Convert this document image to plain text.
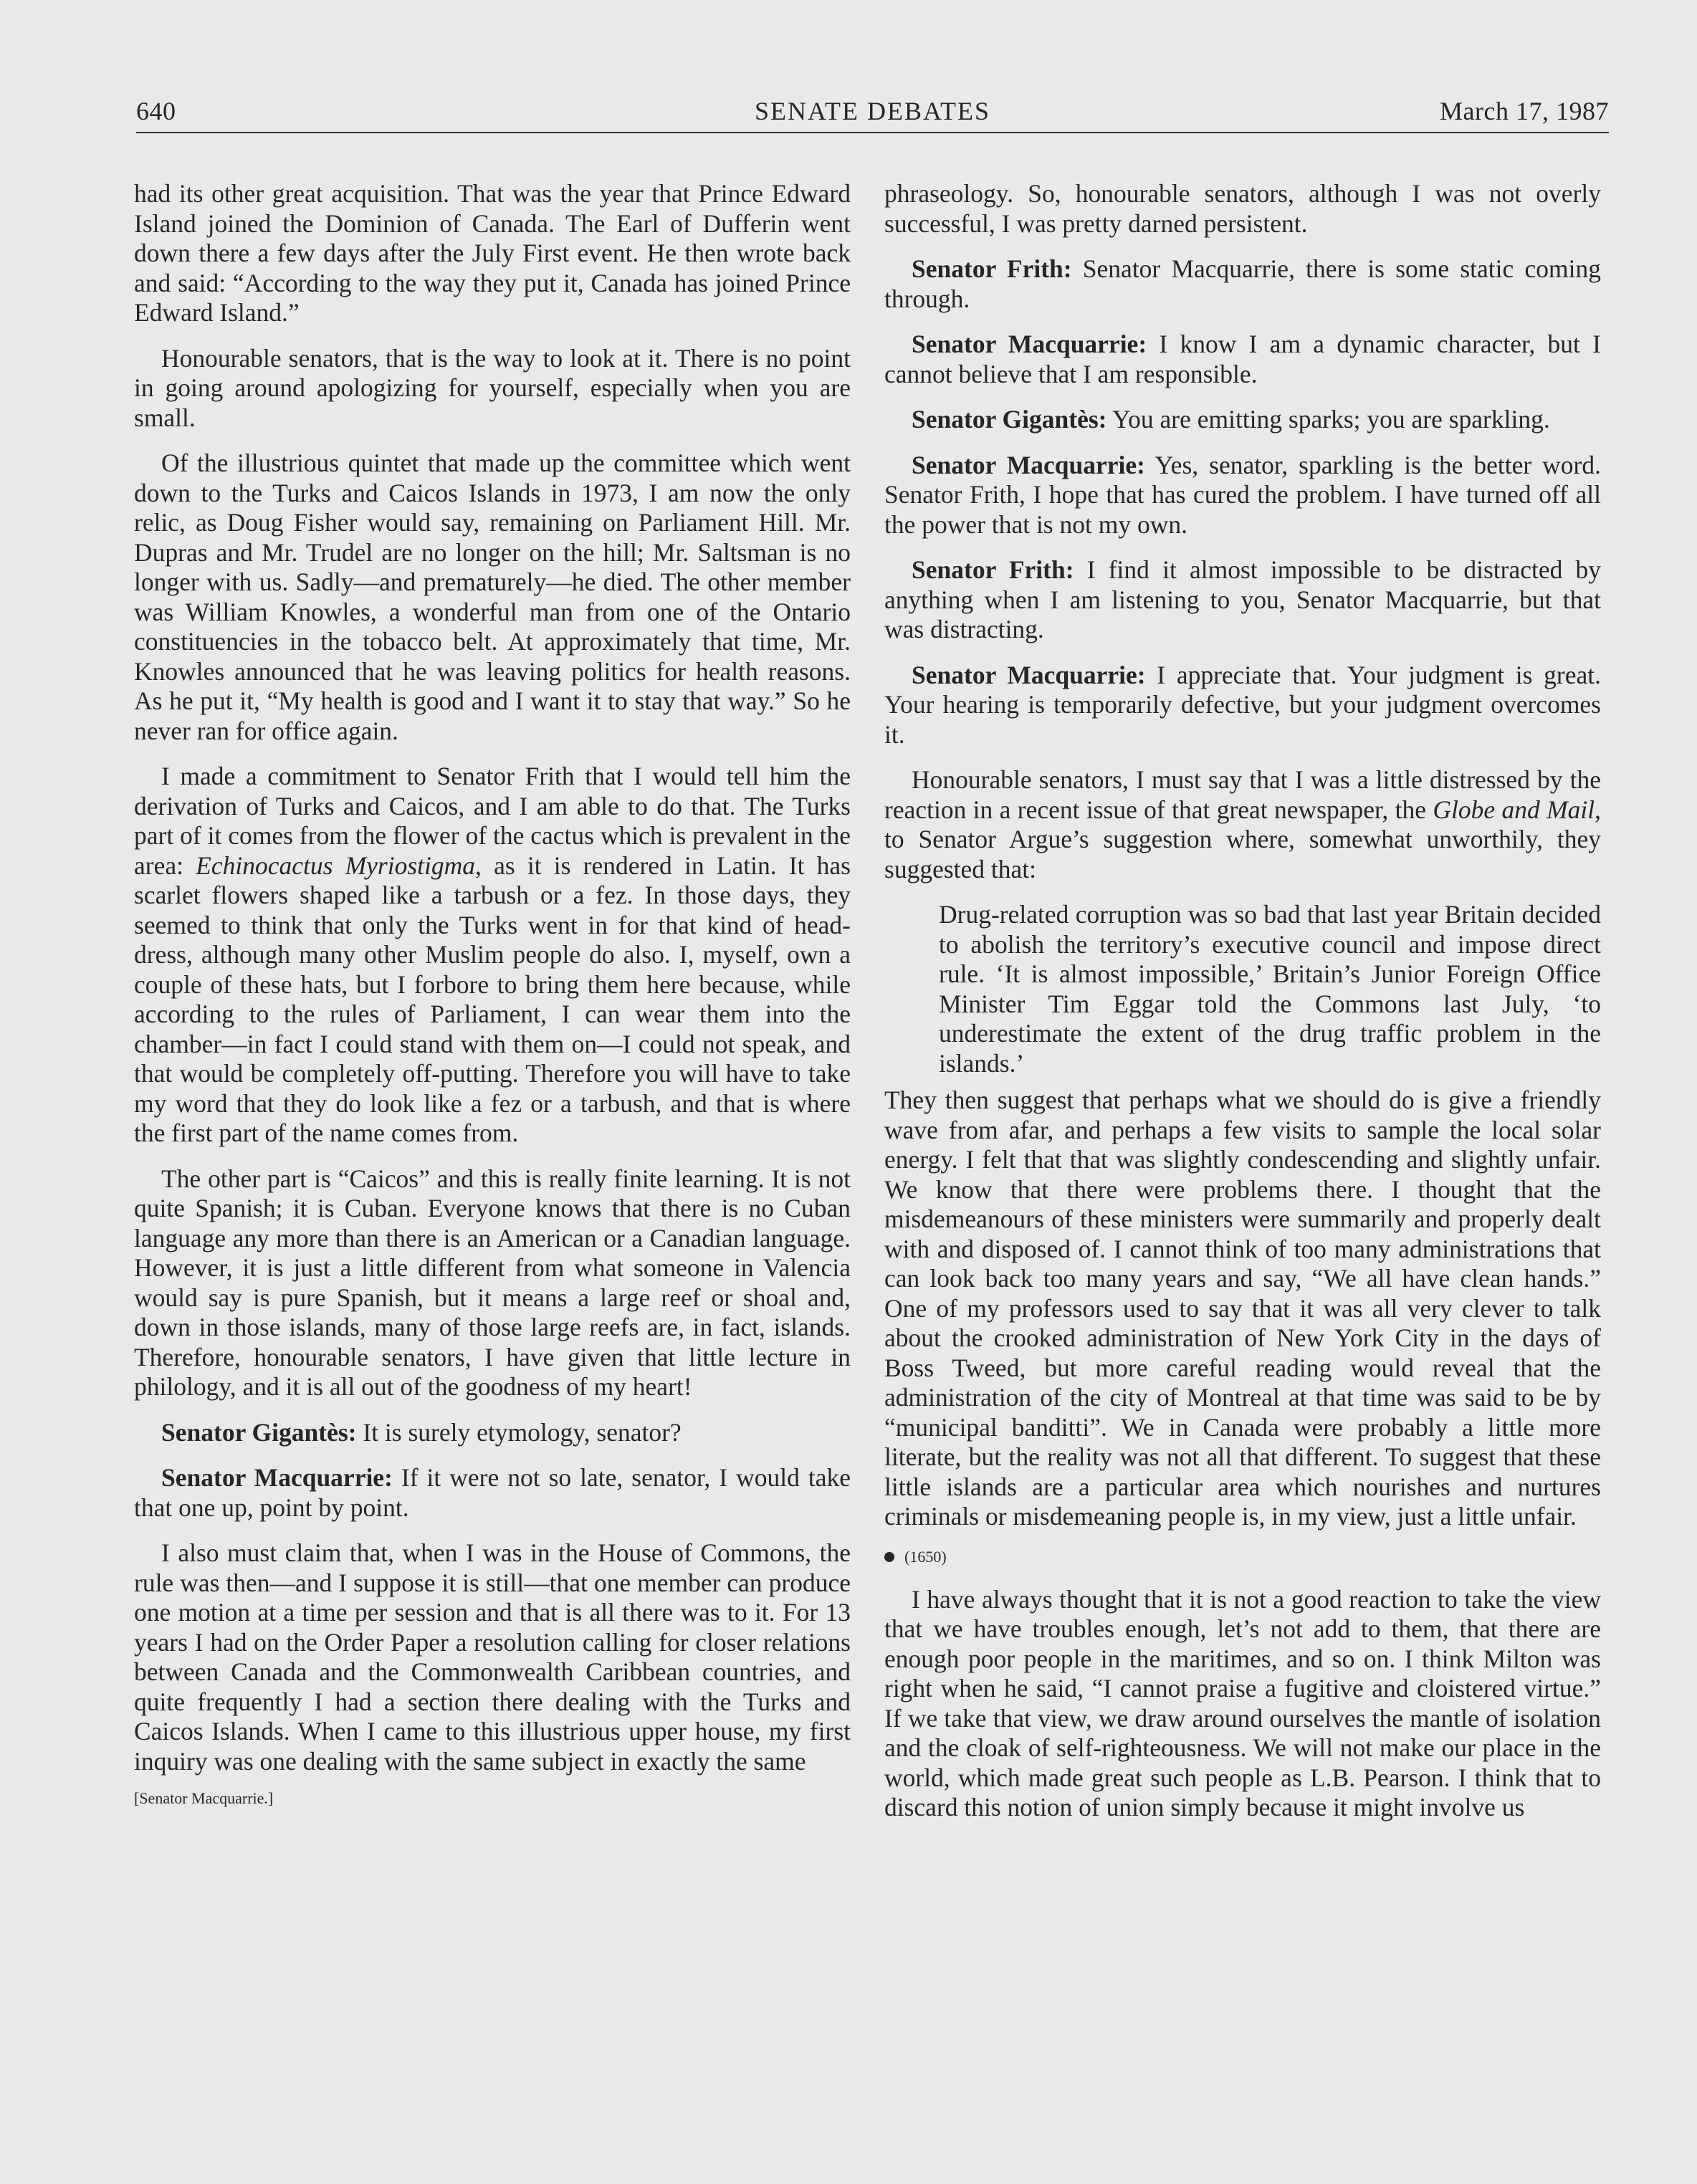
SENATE DEBATES
640	March 17, 1987

had its other great acquisition. That was the year that Prince Edward Island joined the Dominion of Canada. The Earl of Dufferin went down there a few days after the July First event. He then wrote back and said: “According to the way they put it, Canada has joined Prince Edward Island.”

Honourable senators, that is the way to look at it. There is no point in going around apologizing for yourself, especially when you are small.

Of the illustrious quintet that made up the committee which went down to the Turks and Caicos Islands in 1973, I am now the only relic, as Doug Fisher would say, remaining on Parliament Hill. Mr. Dupras and Mr. Trudel are no longer on the hill; Mr. Saltsman is no longer with us. Sadly—and prematurely—he died. The other member was William Knowles, a wonderful man from one of the Ontario constituencies in the tobacco belt. At approximately that time, Mr. Knowles announced that he was leaving politics for health reasons. As he put it, “My health is good and I want it to stay that way.” So he never ran for office again.

I made a commitment to Senator Frith that I would tell him the derivation of Turks and Caicos, and I am able to do that. The Turks part of it comes from the flower of the cactus which is prevalent in the area: Echinocactus Myriostigma, as it is rendered in Latin. It has scarlet flowers shaped like a tarbush or a fez. In those days, they seemed to think that only the Turks went in for that kind of head-dress, although many other Muslim people do also. I, myself, own a couple of these hats, but I forbore to bring them here because, while according to the rules of Parliament, I can wear them into the chamber—in fact I could stand with them on—I could not speak, and that would be completely off-putting. Therefore you will have to take my word that they do look like a fez or a tarbush, and that is where the first part of the name comes from.

The other part is “Caicos” and this is really finite learning. It is not quite Spanish; it is Cuban. Everyone knows that there is no Cuban language any more than there is an American or a Canadian language. However, it is just a little different from what someone in Valencia would say is pure Spanish, but it means a large reef or shoal and, down in those islands, many of those large reefs are, in fact, islands. Therefore, honourable senators, I have given that little lecture in philology, and it is all out of the goodness of my heart!

Senator Gigantès: It is surely etymology, senator?

Senator Macquarrie: If it were not so late, senator, I would take that one up, point by point.

I also must claim that, when I was in the House of Commons, the rule was then—and I suppose it is still—that one member can produce one motion at a time per session and that is all there was to it. For 13 years I had on the Order Paper a resolution calling for closer relations between Canada and the Commonwealth Caribbean countries, and quite frequently I had a section there dealing with the Turks and Caicos Islands. When I came to this illustrious upper house, my first inquiry was one dealing with the same subject in exactly the same

[Senator Macquarrie.]

phraseology. So, honourable senators, although I was not overly successful, I was pretty darned persistent.

Senator Frith: Senator Macquarrie, there is some static coming through.

Senator Macquarrie: I know I am a dynamic character, but I cannot believe that I am responsible.

Senator Gigantès: You are emitting sparks; you are sparkling.

Senator Macquarrie: Yes, senator, sparkling is the better word. Senator Frith, I hope that has cured the problem. I have turned off all the power that is not my own.

Senator Frith: I find it almost impossible to be distracted by anything when I am listening to you, Senator Macquarrie, but that was distracting.

Senator Macquarrie: I appreciate that. Your judgment is great. Your hearing is temporarily defective, but your judgment overcomes it.

Honourable senators, I must say that I was a little distressed by the reaction in a recent issue of that great newspaper, the Globe and Mail, to Senator Argue’s suggestion where, somewhat unworthily, they suggested that:

Drug-related corruption was so bad that last year Britain decided to abolish the territory’s executive council and impose direct rule. ‘It is almost impossible,’ Britain’s Junior Foreign Office Minister Tim Eggar told the Commons last July, ‘to underestimate the extent of the drug traffic problem in the islands.’

They then suggest that perhaps what we should do is give a friendly wave from afar, and perhaps a few visits to sample the local solar energy. I felt that that was slightly condescending and slightly unfair. We know that there were problems there. I thought that the misdemeanours of these ministers were summarily and properly dealt with and disposed of. I cannot think of too many administrations that can look back too many years and say, “We all have clean hands.” One of my professors used to say that it was all very clever to talk about the crooked administration of New York City in the days of Boss Tweed, but more careful reading would reveal that the administration of the city of Montreal at that time was said to be by “municipal banditti”. We in Canada were probably a little more literate, but the reality was not all that different. To suggest that these little islands are a particular area which nourishes and nurtures criminals or misdemeaning people is, in my view, just a little unfair.

(1650)

I have always thought that it is not a good reaction to take the view that we have troubles enough, let’s not add to them, that there are enough poor people in the maritimes, and so on. I think Milton was right when he said, “I cannot praise a fugitive and cloistered virtue.” If we take that view, we draw around ourselves the mantle of isolation and the cloak of self-righteousness. We will not make our place in the world, which made great such people as L.B. Pearson. I think that to discard this notion of union simply because it might involve us
